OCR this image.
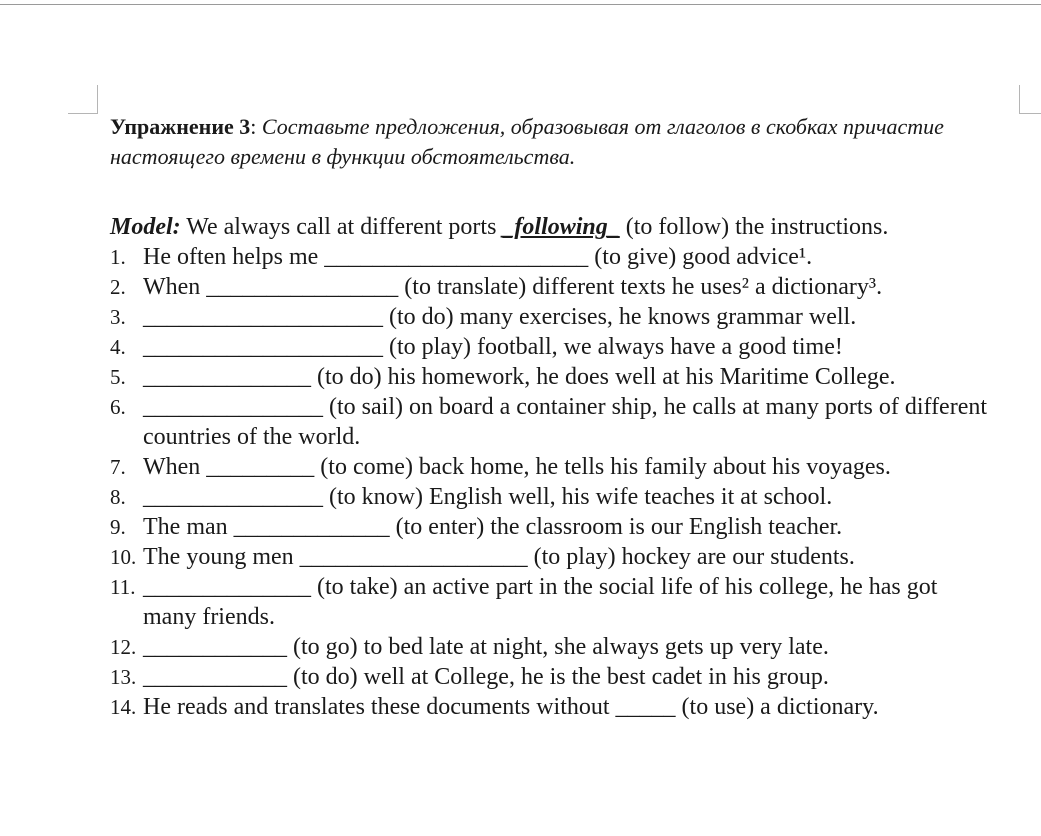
Упражнение 3: Составьте предложения, образовывая от глаголов в скобках причастие настоящего времени в функции обстоятельства.

Model: We always call at different ports _following_ (to follow) the instructions.
1. He often helps me ______________________ (to give) good advice¹.
2. When ________________ (to translate) different texts he uses² a dictionary³.
3. ____________________ (to do) many exercises, he knows grammar well.
4. ____________________ (to play) football, we always have a good time!
5. ______________ (to do) his homework, he does well at his Maritime College.
6. _______________ (to sail) on board a container ship, he calls at many ports of different countries of the world.
7. When _________ (to come) back home, he tells his family about his voyages.
8. _______________ (to know) English well, his wife teaches it at school.
9. The man _____________ (to enter) the classroom is our English teacher.
10. The young men ___________________ (to play) hockey are our students.
11. ______________ (to take) an active part in the social life of his college, he has got many friends.
12. ____________ (to go) to bed late at night, she always gets up very late.
13. ____________ (to do) well at College, he is the best cadet in his group.
14. He reads and translates these documents without _____ (to use) a dictionary.
